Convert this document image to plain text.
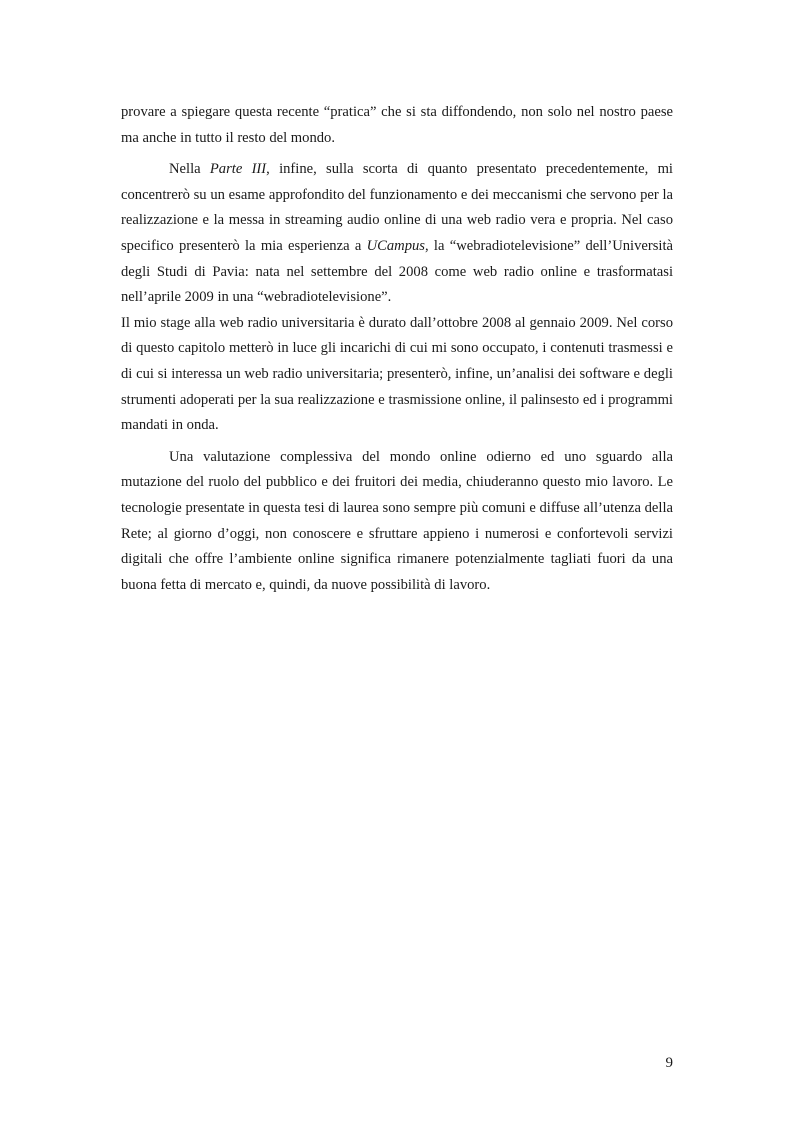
provare a spiegare questa recente “pratica” che si sta diffondendo, non solo nel nostro paese ma anche in tutto il resto del mondo.

Nella Parte III, infine, sulla scorta di quanto presentato precedentemente, mi concentrerò su un esame approfondito del funzionamento e dei meccanismi che servono per la realizzazione e la messa in streaming audio online di una web radio vera e propria. Nel caso specifico presenterò la mia esperienza a UCampus, la “webradiotelevisione” dell’Università degli Studi di Pavia: nata nel settembre del 2008 come web radio online e trasformatasi nell’aprile 2009 in una “webradiotelevisione”.

Il mio stage alla web radio universitaria è durato dall’ottobre 2008 al gennaio 2009. Nel corso di questo capitolo metterò in luce gli incarichi di cui mi sono occupato, i contenuti trasmessi e di cui si interessa un web radio universitaria; presenterò, infine, un’analisi dei software e degli strumenti adoperati per la sua realizzazione e trasmissione online, il palinsesto ed i programmi mandati in onda.

Una valutazione complessiva del mondo online odierno ed uno sguardo alla mutazione del ruolo del pubblico e dei fruitori dei media, chiuderanno questo mio lavoro. Le tecnologie presentate in questa tesi di laurea sono sempre più comuni e diffuse all’utenza della Rete; al giorno d’oggi, non conoscere e sfruttare appieno i numerosi e confortevoli servizi digitali che offre l’ambiente online significa rimanere potenzialmente tagliati fuori da una buona fetta di mercato e, quindi, da nuove possibilità di lavoro.

9
